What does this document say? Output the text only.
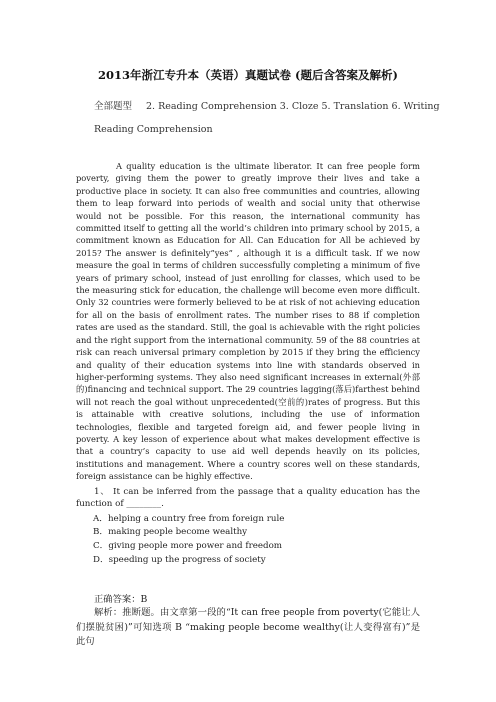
2013年浙江专升本（英语）真题试卷 (题后含答案及解析)
全部题型 2. Reading Comprehension 3. Cloze 5. Translation 6. Writing
Reading Comprehension
A quality education is the ultimate liberator. It can free people form poverty, giving them the power to greatly improve their lives and take a productive place in society. It can also free communities and countries, allowing them to leap forward into periods of wealth and social unity that otherwise would not be possible. For this reason, the international community has committed itself to getting all the world’s children into primary school by 2015, a commitment known as Education for All. Can Education for All be achieved by 2015? The answer is definitely”yes” , although it is a difficult task. If we now measure the goal in terms of children successfully completing a minimum of five years of primary school, instead of just enrolling for classes, which used to be the measuring stick for education, the challenge will become even more difficult. Only 32 countries were formerly believed to be at risk of not achieving education for all on the basis of enrollment rates. The number rises to 88 if completion rates are used as the standard. Still, the goal is achievable with the right policies and the right support from the international community. 59 of the 88 countries at risk can reach universal primary completion by 2015 if they bring the efficiency and quality of their education systems into line with standards observed in higher-performing systems. They also need significant increases in external(外部的)financing and technical support. The 29 countries lagging(落后)farthest behind will not reach the goal without unprecedented(空前的)rates of progress. But this is attainable with creative solutions, including the use of information technologies, flexible and targeted foreign aid, and fewer people living in poverty. A key lesson of experience about what makes development effective is that a country’s capacity to use aid well depends heavily on its policies, institutions and management. Where a country scores well on these standards, foreign assistance can be highly effective.
1、 It can be inferred from the passage that a quality education has the function of ________.
A．helping a country free from foreign rule
B．making people become wealthy
C．giving people more power and freedom
D．speeding up the progress of society
正确答案：B
解析：推断题。由文章第一段的“It can free people from poverty(它能让人们摆脱贫困)”可知选项 B “making people become wealthy(让人变得富有)”是此句
